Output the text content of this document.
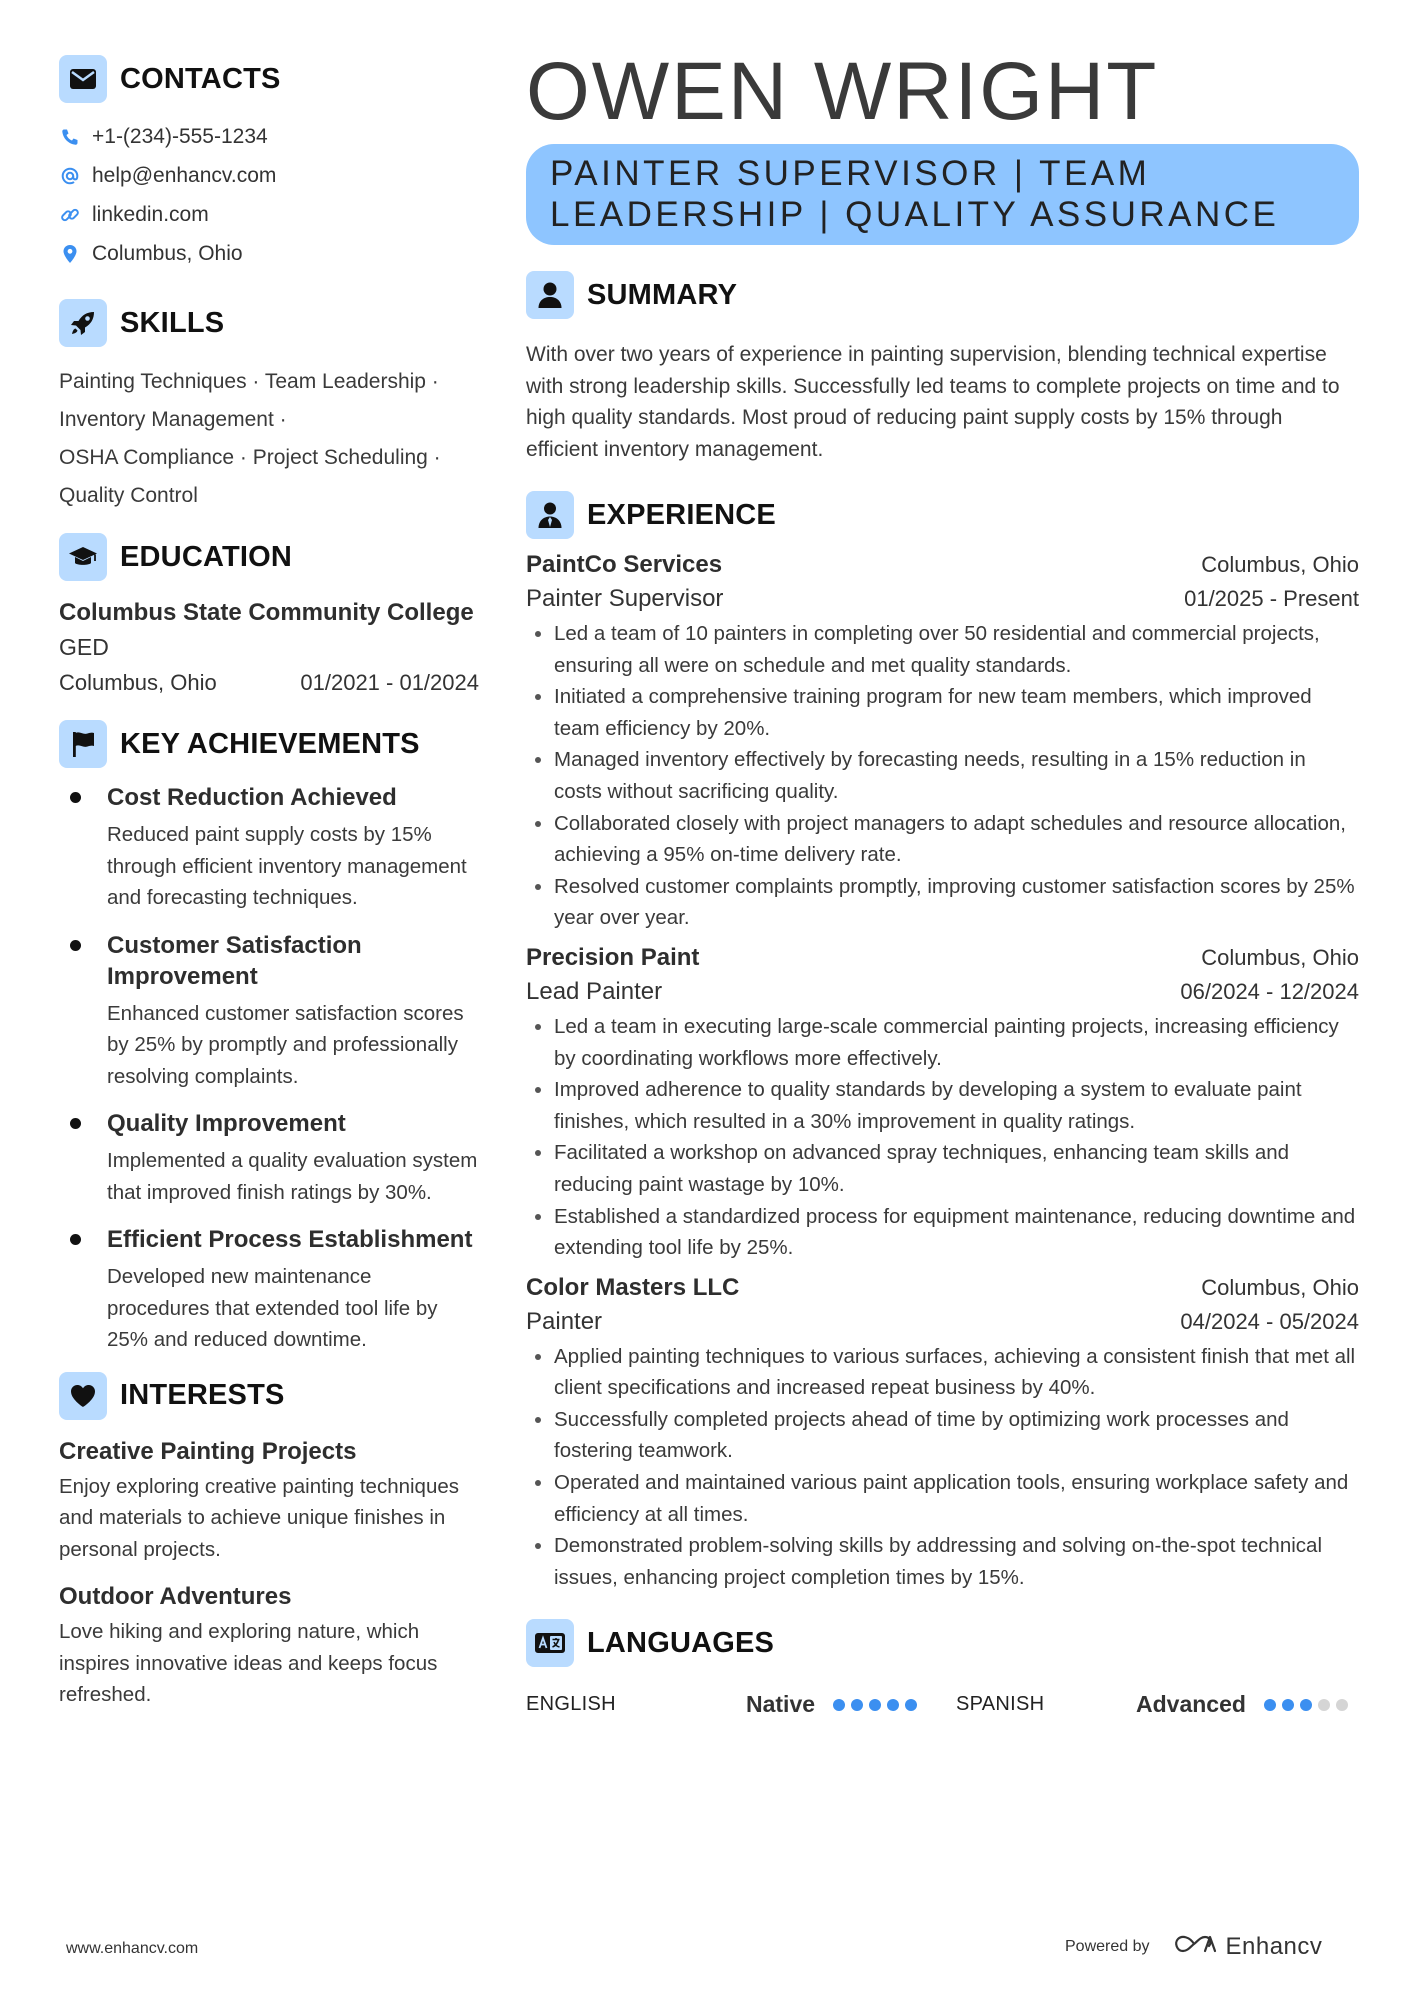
CONTACTS
+1-(234)-555-1234
help@enhancv.com
linkedin.com
Columbus, Ohio
SKILLS
Painting Techniques · Team Leadership ·
Inventory Management ·
OSHA Compliance · Project Scheduling ·
Quality Control
EDUCATION
Columbus State Community College
GED
Columbus, Ohio	01/2021 - 01/2024
KEY ACHIEVEMENTS
Cost Reduction Achieved
Reduced paint supply costs by 15% through efficient inventory management and forecasting techniques.
Customer Satisfaction Improvement
Enhanced customer satisfaction scores by 25% by promptly and professionally resolving complaints.
Quality Improvement
Implemented a quality evaluation system that improved finish ratings by 30%.
Efficient Process Establishment
Developed new maintenance procedures that extended tool life by 25% and reduced downtime.
INTERESTS
Creative Painting Projects
Enjoy exploring creative painting techniques and materials to achieve unique finishes in personal projects.
Outdoor Adventures
Love hiking and exploring nature, which inspires innovative ideas and keeps focus refreshed.
OWEN WRIGHT
PAINTER SUPERVISOR | TEAM
LEADERSHIP | QUALITY ASSURANCE
SUMMARY

With over two years of experience in painting supervision, blending technical expertise with strong leadership skills. Successfully led teams to complete projects on time and to high quality standards. Most proud of reducing paint supply costs by 15% through efficient inventory management.

EXPERIENCE
PaintCo Services	Columbus, Ohio
Painter Supervisor	01/2025 - Present
Led a team of 10 painters in completing over 50 residential and commercial projects, ensuring all were on schedule and met quality standards.
Initiated a comprehensive training program for new team members, which improved team efficiency by 20%.
Managed inventory effectively by forecasting needs, resulting in a 15% reduction in costs without sacrificing quality.
Collaborated closely with project managers to adapt schedules and resource allocation, achieving a 95% on-time delivery rate.
Resolved customer complaints promptly, improving customer satisfaction scores by 25% year over year.
Precision Paint	Columbus, Ohio
Lead Painter	06/2024 - 12/2024
Led a team in executing large-scale commercial painting projects, increasing efficiency by coordinating workflows more effectively.
Improved adherence to quality standards by developing a system to evaluate paint finishes, which resulted in a 30% improvement in quality ratings.
Facilitated a workshop on advanced spray techniques, enhancing team skills and reducing paint wastage by 10%.
Established a standardized process for equipment maintenance, reducing downtime and extending tool life by 25%.
Color Masters LLC	Columbus, Ohio
Painter	04/2024 - 05/2024
Applied painting techniques to various surfaces, achieving a consistent finish that met all client specifications and increased repeat business by 40%.
Successfully completed projects ahead of time by optimizing work processes and fostering teamwork.
Operated and maintained various paint application tools, ensuring workplace safety and efficiency at all times.
Demonstrated problem-solving skills by addressing and solving on-the-spot technical issues, enhancing project completion times by 15%.
LANGUAGES
ENGLISH	Native	SPANISH	Advanced
www.enhancv.com	Powered by	Enhancv
